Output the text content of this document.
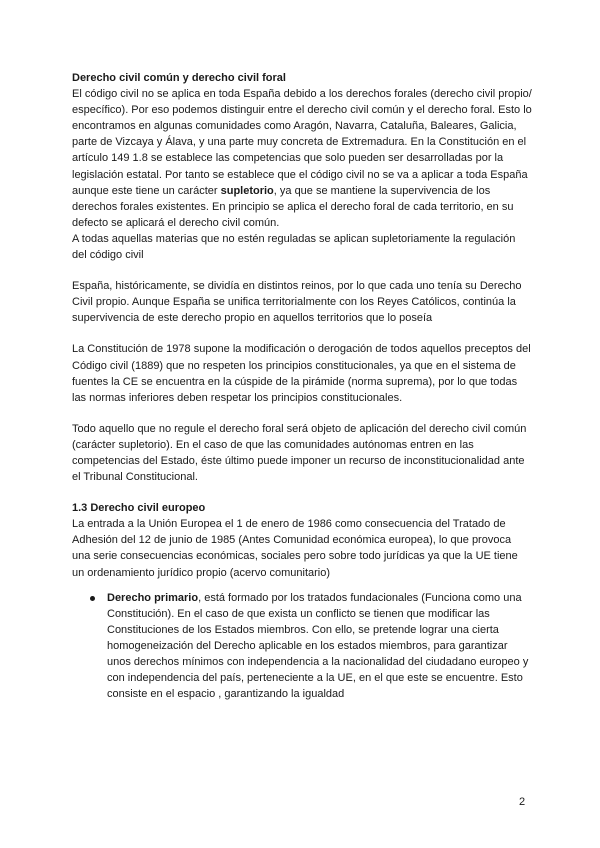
Derecho civil común y derecho civil foral

El código civil no se aplica en toda España debido a los derechos forales (derecho civil propio/ específico). Por eso podemos distinguir entre el derecho civil común y el derecho foral. Esto lo encontramos en algunas comunidades como Aragón, Navarra, Cataluña, Baleares, Galicia, parte de Vizcaya y Álava, y una parte muy concreta de Extremadura. En la Constitución en el artículo 149 1.8 se establece las competencias que solo pueden ser desarrolladas por la legislación estatal. Por tanto se establece que el código civil no se va a aplicar a toda España aunque este tiene un carácter supletorio, ya que se mantiene la supervivencia de los derechos forales existentes. En principio se aplica el derecho foral de cada territorio, en su defecto se aplicará el derecho civil común.

A todas aquellas materias que no estén reguladas se aplican supletoriamente la regulación del código civil

España, históricamente, se dividía en distintos reinos, por lo que cada uno tenía su Derecho Civil propio. Aunque España se unifica territorialmente con los Reyes Católicos, continúa la supervivencia de este derecho propio en aquellos territorios que lo poseía

La Constitución de 1978 supone la modificación o derogación de todos aquellos preceptos del Código civil (1889) que no respeten los principios constitucionales, ya que en el sistema de fuentes la CE se encuentra en la cúspide de la pirámide (norma suprema), por lo que todas las normas inferiores deben respetar los principios constitucionales.

Todo aquello que no regule el derecho foral será objeto de aplicación del derecho civil común (carácter supletorio). En el caso de que las comunidades autónomas entren en las competencias del Estado, éste último puede imponer un recurso de inconstitucionalidad ante el Tribunal Constitucional.

1.3 Derecho civil europeo

La entrada a la Unión Europea el 1 de enero de 1986 como consecuencia del Tratado de Adhesión del 12 de junio de 1985 (Antes Comunidad económica europea), lo que provoca una serie consecuencias económicas, sociales pero sobre todo jurídicas ya que la UE tiene un ordenamiento jurídico propio (acervo comunitario)

Derecho primario, está formado por los tratados fundacionales (Funciona como una Constitución). En el caso de que exista un conflicto se tienen que modificar las Constituciones de los Estados miembros. Con ello, se pretende lograr una cierta homogeneización del Derecho aplicable en los estados miembros, para garantizar unos derechos mínimos con independencia a la nacionalidad del ciudadano europeo y con independencia del país, perteneciente a la UE, en el que este se encuentre. Esto consiste en el espacio , garantizando la igualdad
2
